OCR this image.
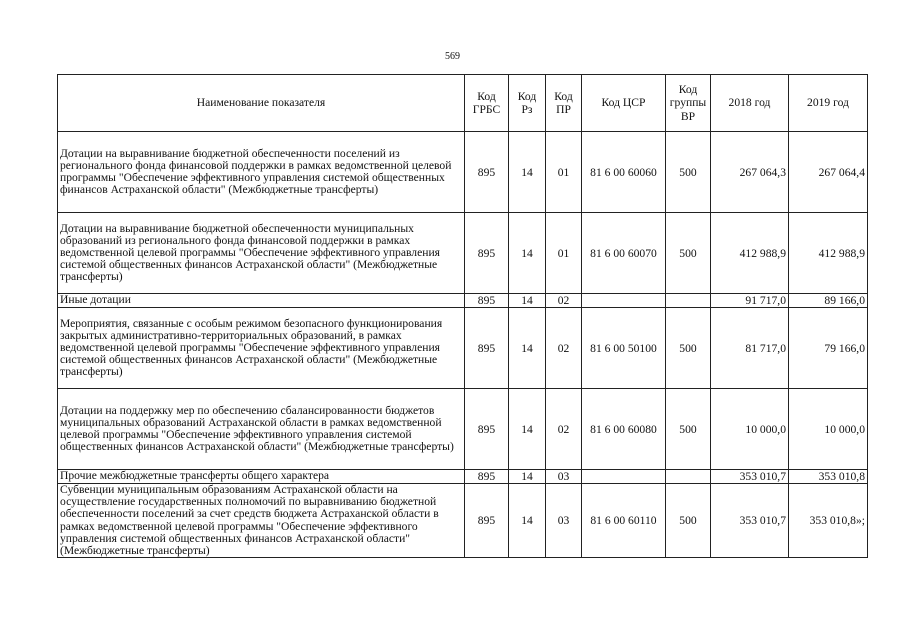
569
Наименование показателя	Код ГРБС	Код Рз	Код ПР	Код ЦСР	Код группы ВР	2018 год	2019 год
Дотации на выравнивание бюджетной обеспеченности поселений из регионального фонда финансовой поддержки в рамках ведомственной целевой программы "Обеспечение эффективного управления системой общественных финансов Астраханской области" (Межбюджетные трансферты)	895	14	01	81 6 00 60060	500	267 064,3	267 064,4
Дотации на выравнивание бюджетной обеспеченности муниципальных образований из регионального фонда финансовой поддержки в рамках ведомственной целевой программы "Обеспечение эффективного управления системой общественных финансов Астраханской области" (Межбюджетные трансферты)	895	14	01	81 6 00 60070	500	412 988,9	412 988,9
Иные дотации	895	14	02			91 717,0	89 166,0
Мероприятия, связанные с особым режимом безопасного функционирования закрытых административно-территориальных образований, в рамках ведомственной целевой программы "Обеспечение эффективного управления системой общественных финансов Астраханской области" (Межбюджетные трансферты)	895	14	02	81 6 00 50100	500	81 717,0	79 166,0
Дотации на поддержку мер по обеспечению сбалансированности бюджетов муниципальных образований Астраханской области в рамках ведомственной целевой программы "Обеспечение эффективного управления системой общественных финансов Астраханской области" (Межбюджетные трансферты)	895	14	02	81 6 00 60080	500	10 000,0	10 000,0
Прочие межбюджетные трансферты общего характера	895	14	03			353 010,7	353 010,8
Субвенции муниципальным образованиям Астраханской области на осуществление государственных полномочий по выравниванию бюджетной обеспеченности поселений за счет средств бюджета Астраханской области в рамках ведомственной целевой программы "Обеспечение эффективного управления системой общественных финансов Астраханской области" (Межбюджетные трансферты)	895	14	03	81 6 00 60110	500	353 010,7	353 010,8»;
